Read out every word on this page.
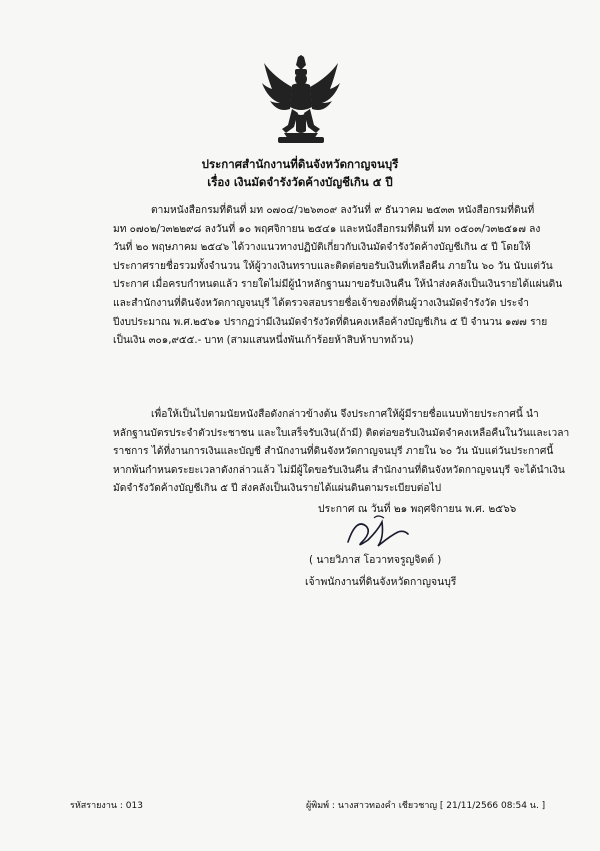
ประกาศสำนักงานที่ดินจังหวัดกาญจนบุรี
เรื่อง เงินมัดจำรังวัดค้างบัญชีเกิน ๕ ปี
ตามหนังสือกรมที่ดินที่ มท ๐๗๐๔/ว๒๖๓๐๙ ลงวันที่ ๙ ธันวาคม ๒๕๓๓ หนังสือกรมที่ดินที่
มท ๐๗๐๒/ว๓๒๒๙๘ ลงวันที่ ๑๐ พฤศจิกายน ๒๕๔๑ และหนังสือกรมที่ดินที่ มท ๐๕๐๓/ว๓๒๕๑๗ ลง
วันที่ ๒๐ พฤษภาคม ๒๕๔๖ ได้วางแนวทางปฏิบัติเกี่ยวกับเงินมัดจำรังวัดค้างบัญชีเกิน ๕ ปี โดยให้
ประกาศรายชื่อรวมทั้งจำนวน ให้ผู้วางเงินทราบและติดต่อขอรับเงินที่เหลือคืน ภายใน ๖๐ วัน นับแต่วัน
ประกาศ เมื่อครบกำหนดแล้ว รายใดไม่มีผู้นำหลักฐานมาขอรับเงินคืน ให้นำส่งคลังเป็นเงินรายได้แผ่นดิน
และสำนักงานที่ดินจังหวัดกาญจนบุรี ได้ตรวจสอบรายชื่อเจ้าของที่ดินผู้วางเงินมัดจำรังวัด ประจำ
ปีงบประมาณ พ.ศ.๒๕๖๑ ปรากฏว่ามีเงินมัดจำรังวัดที่ดินคงเหลือค้างบัญชีเกิน ๕ ปี จำนวน ๑๗๗ ราย
เป็นเงิน ๓๐๑,๙๕๕.- บาท (สามแสนหนึ่งพันเก้าร้อยห้าสิบห้าบาทถ้วน)
เพื่อให้เป็นไปตามนัยหนังสือดังกล่าวข้างต้น จึงประกาศให้ผู้มีรายชื่อแนบท้ายประกาศนี้ นำ
หลักฐานบัตรประจำตัวประชาชน และใบเสร็จรับเงิน(ถ้ามี) ติดต่อขอรับเงินมัดจำคงเหลือคืนในวันและเวลา
ราชการ ได้ที่งานการเงินและบัญชี สำนักงานที่ดินจังหวัดกาญจนบุรี ภายใน ๖๐ วัน นับแต่วันประกาศนี้
หากพ้นกำหนดระยะเวลาดังกล่าวแล้ว ไม่มีผู้ใดขอรับเงินคืน สำนักงานที่ดินจังหวัดกาญจนบุรี จะได้นำเงิน
มัดจำรังวัดค้างบัญชีเกิน ๕ ปี ส่งคลังเป็นเงินรายได้แผ่นดินตามระเบียบต่อไป
ประกาศ ณ วันที่ ๒๑ พฤศจิกายน พ.ศ. ๒๕๖๖
( นายวิภาส โอวาทจรูญจิตต์ )
เจ้าพนักงานที่ดินจังหวัดกาญจนบุรี
รหัสรายงาน : 013	ผู้พิมพ์ : นางสาวทองคำ เชียวชาญ [ 21/11/2566 08:54 น. ]
